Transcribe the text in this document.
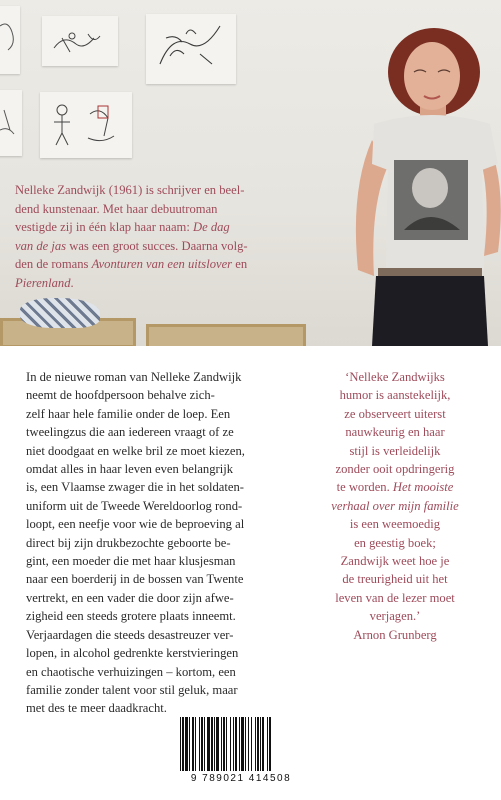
Nelleke Zandwijk (1961) is schrijver en beel-
dend kunstenaar. Met haar debuutroman
vestigde zij in één klap haar naam: De dag
van de jas was een groot succes. Daarna volg-
den de romans Avonturen van een uitslover en
Pierenland.
In de nieuwe roman van Nelleke Zandwijk
neemt de hoofdpersoon behalve zich-
zelf haar hele familie onder de loep. Een
tweelingzus die aan iedereen vraagt of ze
niet doodgaat en welke bril ze moet kiezen,
omdat alles in haar leven even belangrijk
is, een Vlaamse zwager die in het soldaten-
uniform uit de Tweede Wereldoorlog rond-
loopt, een neefje voor wie de beproeving al
direct bij zijn drukbezochte geboorte be-
gint, een moeder die met haar klusjesman
naar een boerderij in de bossen van Twente
vertrekt, en een vader die door zijn afwe-
zigheid een steeds grotere plaats inneemt.
Verjaardagen die steeds desastreuzer ver-
lopen, in alcohol gedrenkte kerstvieringen
en chaotische verhuizingen – kortom, een
familie zonder talent voor stil geluk, maar
met des te meer daadkracht.
‘Nelleke Zandwijks
humor is aanstekelijk,
ze observeert uiterst
nauwkeurig en haar
stijl is verleidelijk
zonder ooit opdringerig
te worden. Het mooiste
verhaal over mijn familie
is een weemoedig
en geestig boek;
Zandwijk weet hoe je
de treurigheid uit het
leven van de lezer moet
verjagen.’
Arnon Grunberg
9 789021 414508
